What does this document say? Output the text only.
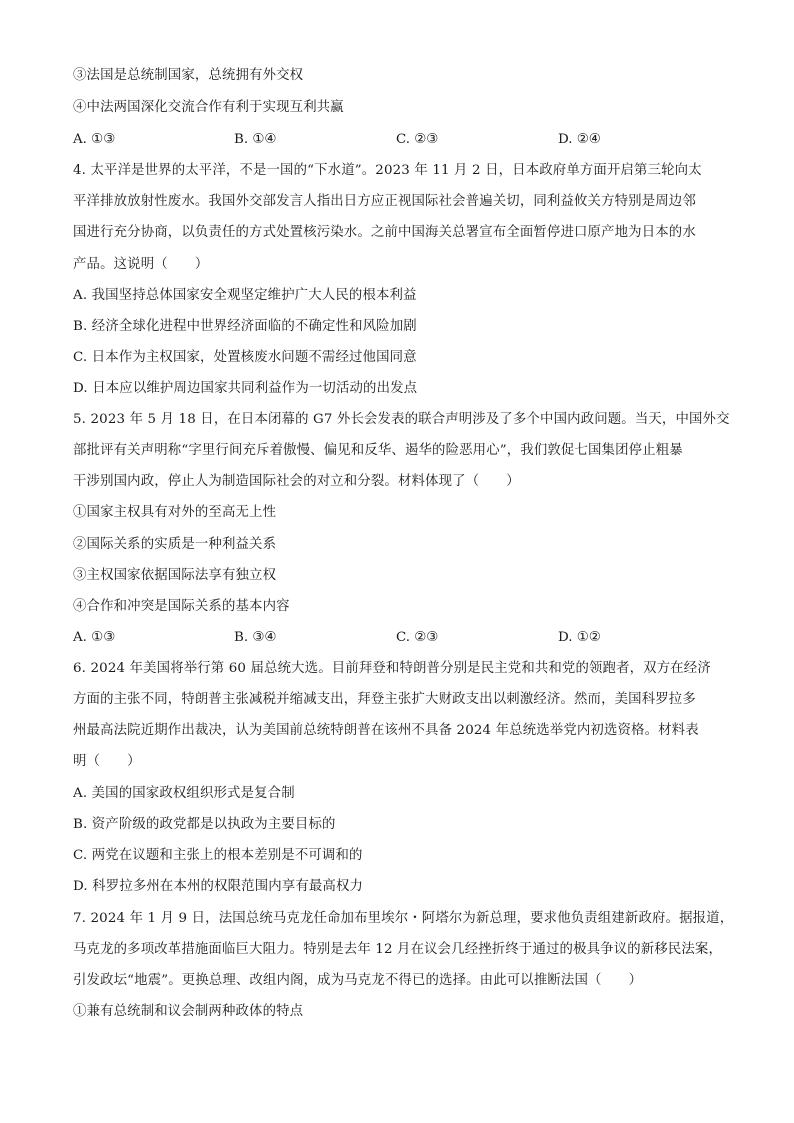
③法国是总统制国家，总统拥有外交权
④中法两国深化交流合作有利于实现互利共赢
A. ①③	B. ①④	C. ②③	D. ②④
4. 太平洋是世界的太平洋，不是一国的“下水道”。2023 年 11 月 2 日，日本政府单方面开启第三轮向太
平洋排放放射性废水。我国外交部发言人指出日方应正视国际社会普遍关切，同利益攸关方特别是周边邻
国进行充分协商，以负责任的方式处置核污染水。之前中国海关总署宣布全面暂停进口原产地为日本的水
产品。这说明（　　）
A. 我国坚持总体国家安全观坚定维护广大人民的根本利益
B. 经济全球化进程中世界经济面临的不确定性和风险加剧
C. 日本作为主权国家，处置核废水问题不需经过他国同意
D. 日本应以维护周边国家共同利益作为一切活动的出发点
5. 2023 年 5 月 18 日，在日本闭幕的 G7 外长会发表的联合声明涉及了多个中国内政问题。当天，中国外交
部批评有关声明称“字里行间充斥着傲慢、偏见和反华、遏华的险恶用心”，我们敦促七国集团停止粗暴
干涉别国内政，停止人为制造国际社会的对立和分裂。材料体现了（　　）
①国家主权具有对外的至高无上性
②国际关系的实质是一种利益关系
③主权国家依据国际法享有独立权
④合作和冲突是国际关系的基本内容
A. ①③	B. ③④	C. ②③	D. ①②
6. 2024 年美国将举行第 60 届总统大选。目前拜登和特朗普分别是民主党和共和党的领跑者，双方在经济
方面的主张不同，特朗普主张减税并缩减支出，拜登主张扩大财政支出以刺激经济。然而，美国科罗拉多
州最高法院近期作出裁决，认为美国前总统特朗普在该州不具备 2024 年总统选举党内初选资格。材料表
明（　　）
A. 美国的国家政权组织形式是复合制
B. 资产阶级的政党都是以执政为主要目标的
C. 两党在议题和主张上的根本差别是不可调和的
D. 科罗拉多州在本州的权限范围内享有最高权力
7. 2024 年 1 月 9 日，法国总统马克龙任命加布里埃尔・阿塔尔为新总理，要求他负责组建新政府。据报道，
马克龙的多项改革措施面临巨大阻力。特别是去年 12 月在议会几经挫折终于通过的极具争议的新移民法案，
引发政坛“地震”。更换总理、改组内阁，成为马克龙不得已的选择。由此可以推断法国（　　）
①兼有总统制和议会制两种政体的特点
